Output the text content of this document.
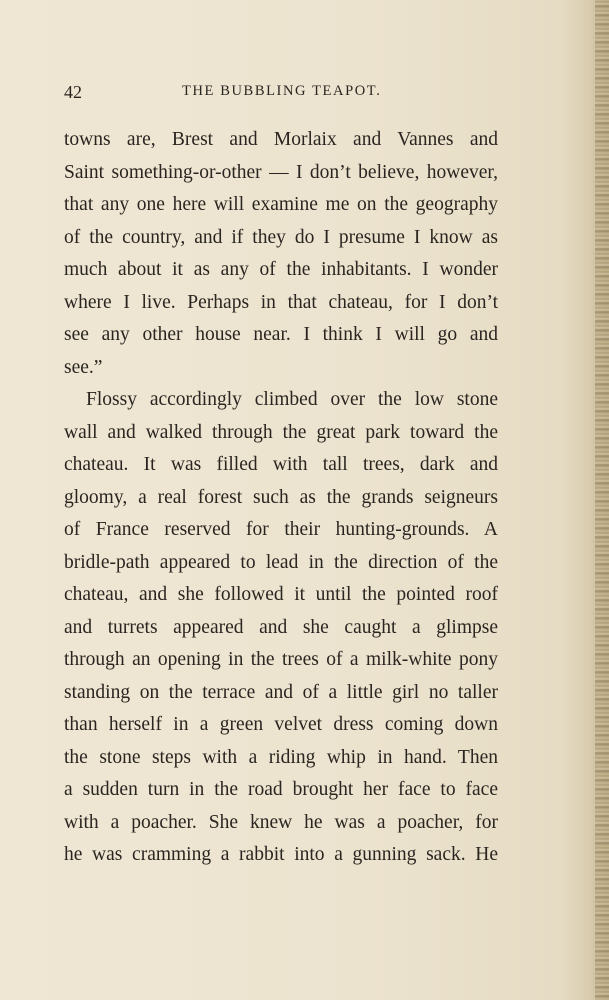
42	THE BUBBLING TEAPOT.
towns are, Brest and Morlaix and Vannes and
Saint something-or-other — I don’t believe, however,
that any one here will examine me on the geography
of the country, and if they do I presume I know as
much about it as any of the inhabitants. I wonder
where I live. Perhaps in that chateau, for I don’t
see any other house near. I think I will go and
see.”
Flossy accordingly climbed over the low stone
wall and walked through the great park toward the
chateau. It was filled with tall trees, dark and
gloomy, a real forest such as the grands seigneurs
of France reserved for their hunting-grounds. A
bridle-path appeared to lead in the direction of the
chateau, and she followed it until the pointed roof
and turrets appeared and she caught a glimpse
through an opening in the trees of a milk-white pony
standing on the terrace and of a little girl no taller
than herself in a green velvet dress coming down
the stone steps with a riding whip in hand. Then
a sudden turn in the road brought her face to face
with a poacher. She knew he was a poacher, for
he was cramming a rabbit into a gunning sack. He
